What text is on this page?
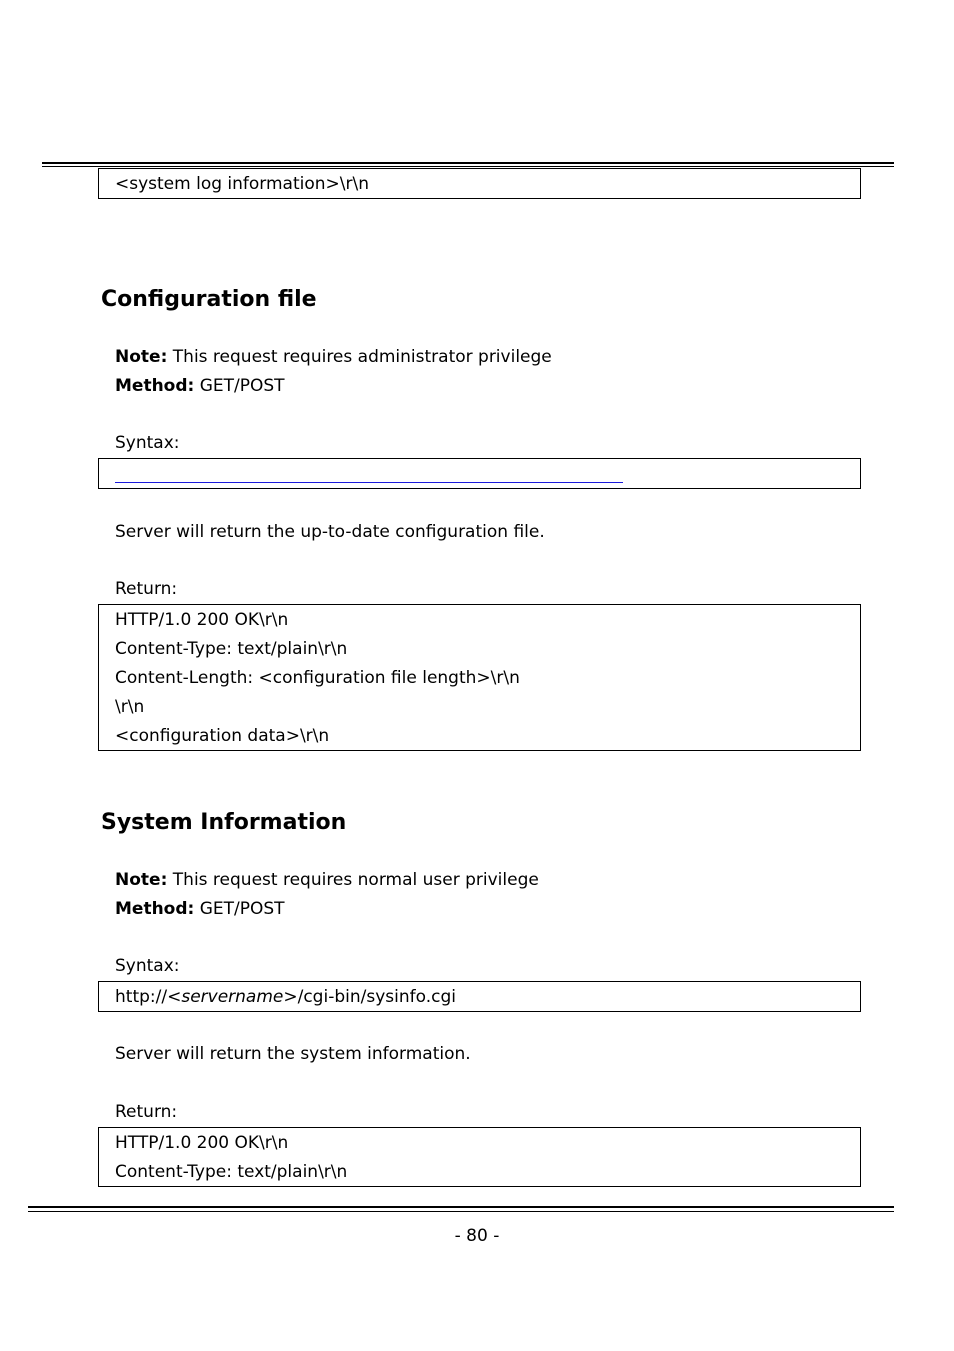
<system log information>\r\n
Configuration file
Note: This request requires administrator privilege
Method: GET/POST
Syntax:
Server will return the up-to-date configuration file.
Return:
HTTP/1.0 200 OK\r\n
Content-Type: text/plain\r\n
Content-Length: <configuration file length>\r\n
\r\n
<configuration data>\r\n
System Information
Note: This request requires normal user privilege
Method: GET/POST
Syntax:
http://<servername>/cgi-bin/sysinfo.cgi
Server will return the system information.
Return:
HTTP/1.0 200 OK\r\n
Content-Type: text/plain\r\n
- 80 -
